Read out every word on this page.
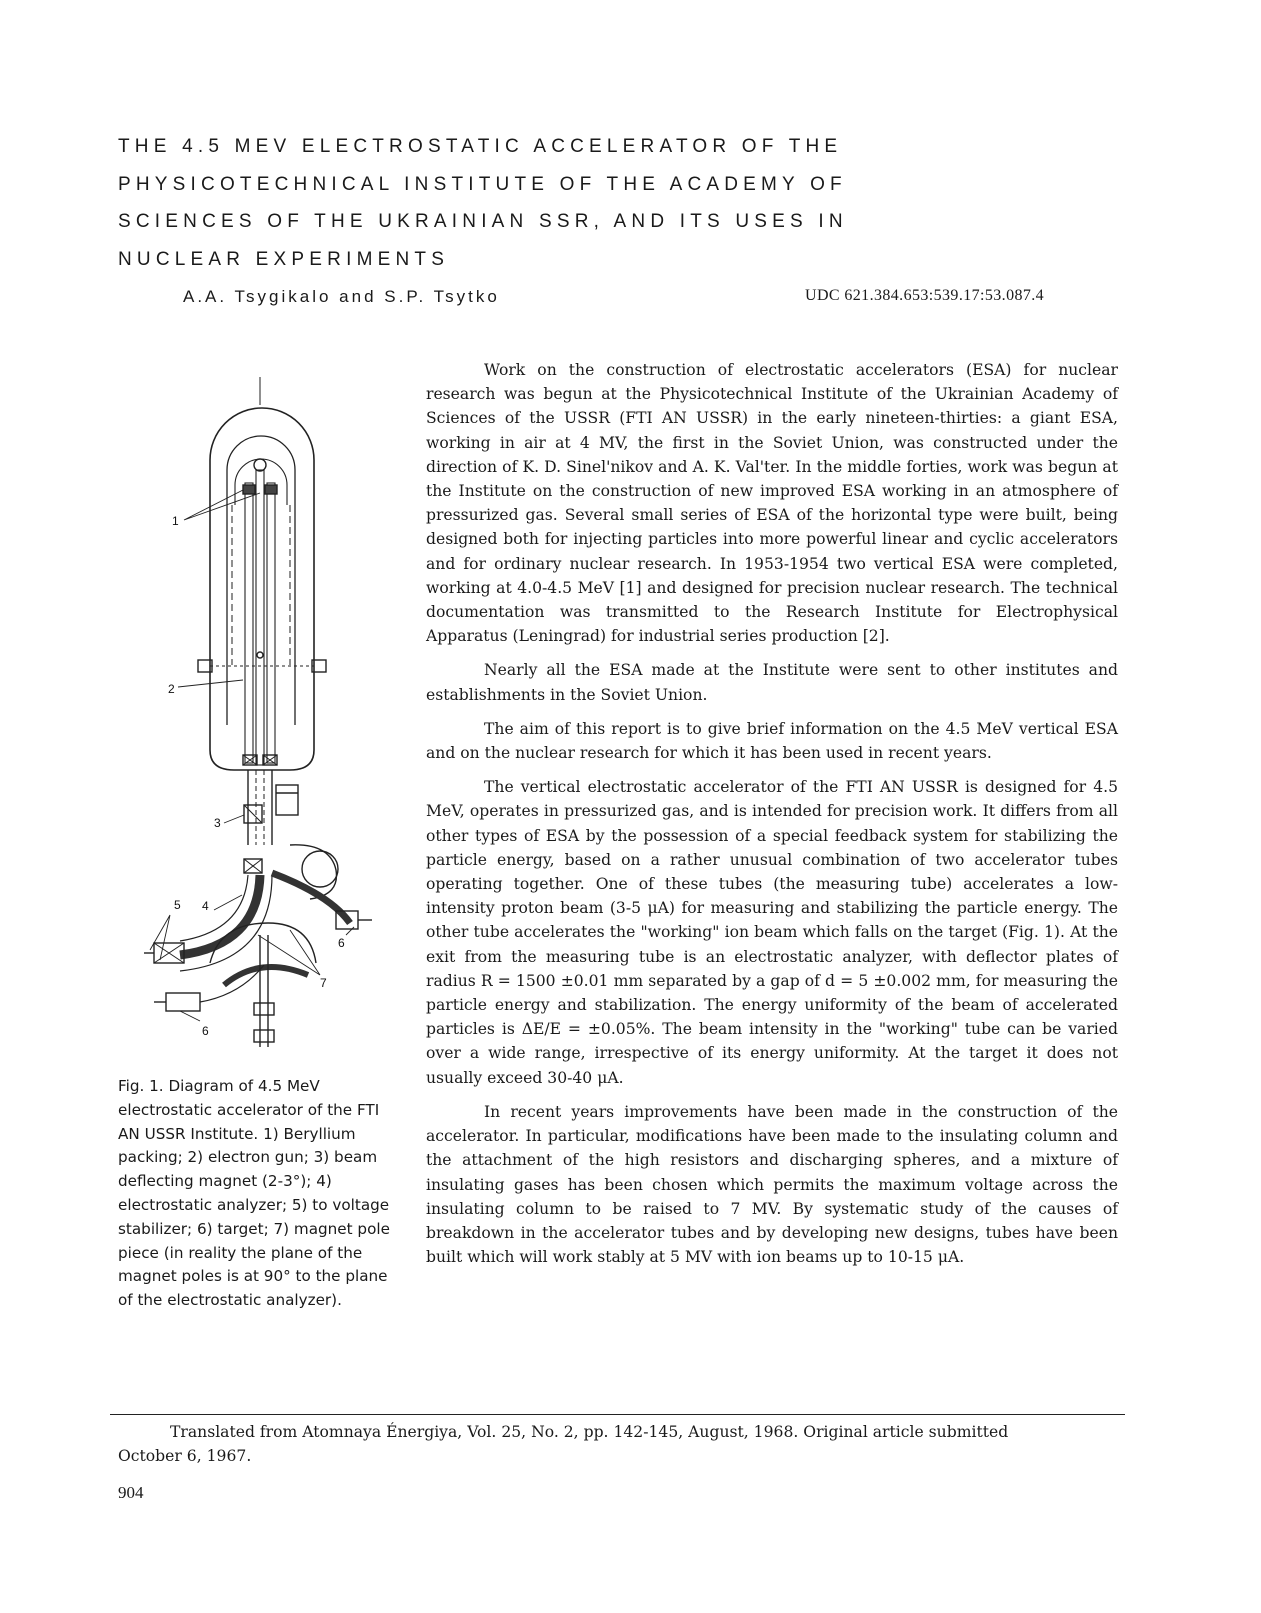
THE 4.5 MEV ELECTROSTATIC ACCELERATOR OF THE
PHYSICOTECHNICAL INSTITUTE OF THE ACADEMY OF
SCIENCES OF THE UKRAINIAN SSR, AND ITS USES IN
NUCLEAR EXPERIMENTS
A.A. Tsygikalo and S.P. Tsytko	UDC 621.384.653:539.17:53.087.4
1
2
3
4
5
6
6
7
Fig. 1. Diagram of 4.5 MeV electrostatic accelerator of the FTI AN USSR Institute. 1) Beryllium packing; 2) electron gun; 3) beam deflecting magnet (2-3°); 4) electrostatic analyzer; 5) to voltage stabilizer; 6) target; 7) magnet pole piece (in reality the plane of the magnet poles is at 90° to the plane of the electrostatic analyzer).

Work on the construction of electrostatic accelerators (ESA) for nuclear research was begun at the Physicotechnical Institute of the Ukrainian Academy of Sciences of the USSR (FTI AN USSR) in the early nineteen-thirties: a giant ESA, working in air at 4 MV, the first in the Soviet Union, was constructed under the direction of K. D. Sinel'nikov and A. K. Val'ter. In the middle forties, work was begun at the Institute on the construction of new improved ESA working in an atmosphere of pressurized gas. Several small series of ESA of the horizontal type were built, being designed both for injecting particles into more powerful linear and cyclic accelerators and for ordinary nuclear research. In 1953-1954 two vertical ESA were completed, working at 4.0-4.5 MeV [1] and designed for precision nuclear research. The technical documentation was transmitted to the Research Institute for Electrophysical Apparatus (Leningrad) for industrial series production [2].

Nearly all the ESA made at the Institute were sent to other institutes and establishments in the Soviet Union.

The aim of this report is to give brief information on the 4.5 MeV vertical ESA and on the nuclear research for which it has been used in recent years.

The vertical electrostatic accelerator of the FTI AN USSR is designed for 4.5 MeV, operates in pressurized gas, and is intended for precision work. It differs from all other types of ESA by the possession of a special feedback system for stabilizing the particle energy, based on a rather unusual combination of two accelerator tubes operating together. One of these tubes (the measuring tube) accelerates a low-intensity proton beam (3-5 μA) for measuring and stabilizing the particle energy. The other tube accelerates the "working" ion beam which falls on the target (Fig. 1). At the exit from the measuring tube is an electrostatic analyzer, with deflector plates of radius R = 1500 ±0.01 mm separated by a gap of d = 5 ±0.002 mm, for measuring the particle energy and stabilization. The energy uniformity of the beam of accelerated particles is ΔE/E = ±0.05%. The beam intensity in the "working" tube can be varied over a wide range, irrespective of its energy uniformity. At the target it does not usually exceed 30-40 μA.

In recent years improvements have been made in the construction of the accelerator. In particular, modifications have been made to the insulating column and the attachment of the high resistors and discharging spheres, and a mixture of insulating gases has been chosen which permits the maximum voltage across the insulating column to be raised to 7 MV. By systematic study of the causes of breakdown in the accelerator tubes and by developing new designs, tubes have been built which will work stably at 5 MV with ion beams up to 10-15 μA.

Translated from Atomnaya Énergiya, Vol. 25, No. 2, pp. 142-145, August, 1968. Original article submitted
October 6, 1967.
904
